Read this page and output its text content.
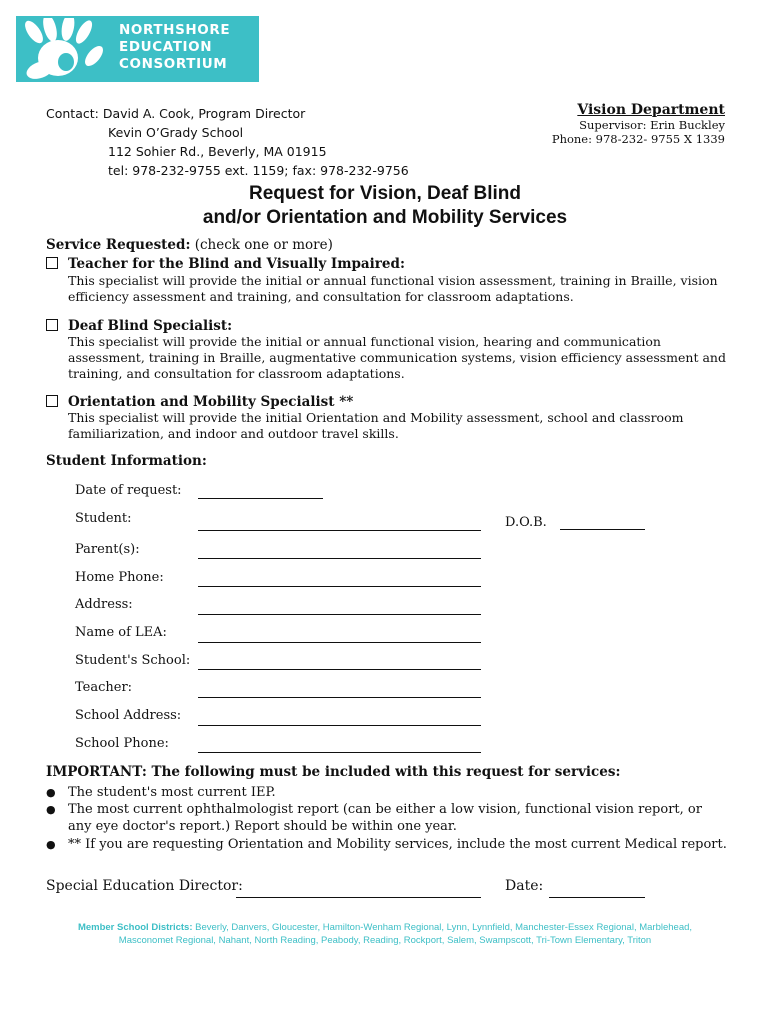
NORTHSHORE
EDUCATION
CONSORTIUM
Contact: David A. Cook, Program Director
Kevin O’Grady School
112 Sohier Rd., Beverly, MA 01915
tel: 978-232-9755 ext. 1159; fax: 978-232-9756
Vision Department
Supervisor: Erin Buckley
Phone: 978-232- 9755 X 1339
Request for Vision, Deaf Blind
and/or Orientation and Mobility Services
Service Requested: (check one or more)
Teacher for the Blind and Visually Impaired:
This specialist will provide the initial or annual functional vision assessment, training in Braille, vision efficiency assessment and training, and consultation for classroom adaptations.
Deaf Blind Specialist:
This specialist will provide the initial or annual functional vision, hearing and communication assessment, training in Braille, augmentative communication systems, vision efficiency assessment and training, and consultation for classroom adaptations.
Orientation and Mobility Specialist **
This specialist will provide the initial Orientation and Mobility assessment, school and classroom familiarization, and indoor and outdoor travel skills.
Student Information:
Date of request:
Student:	D.O.B.
Parent(s):
Home Phone:
Address:
Name of LEA:
Student's School:
Teacher:
School Address:
School Phone:
IMPORTANT: The following must be included with this request for services:
● The student's most current IEP.
● The most current ophthalmologist report (can be either a low vision, functional vision report, or any eye doctor's report.) Report should be within one year.
● ** If you are requesting Orientation and Mobility services, include the most current Medical report.
Special Education Director:	Date:
Member School Districts: Beverly, Danvers, Gloucester, Hamilton-Wenham Regional, Lynn, Lynnfield, Manchester-Essex Regional, Marblehead,
Masconomet Regional, Nahant, North Reading, Peabody, Reading, Rockport, Salem, Swampscott, Tri-Town Elementary, Triton
